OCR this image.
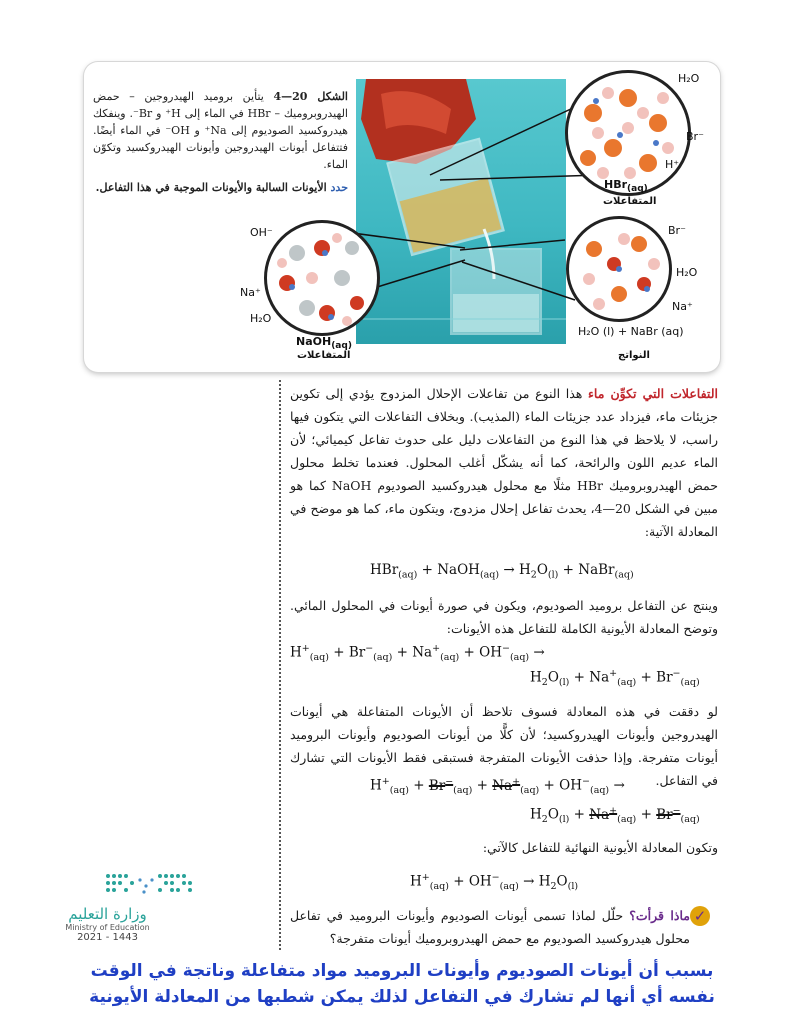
H₂O
Br⁻
H⁺
HBr$_{(aq)}$
المتفاعلات
OH⁻
Na⁺
H₂O
NaOH$_{(aq)}$
المتفاعلات
Br⁻
H₂O
Na⁺
H₂O (l) + NaBr (aq)
النواتج
الشكل 20—4 يتأين بروميد الهيدروجين – حمض الهيدروبروميك – HBr في الماء إلى H⁺ و Br⁻. وينفكك هيدروكسيد الصوديوم إلى Na⁺ و OH⁻ في الماء أيضًا. فتتفاعل أيونات الهيدروجين وأيونات الهيدروكسيد وتكوّن الماء.
حدد الأيونات السالبة والأيونات الموجبة في هذا التفاعل.
التفاعلات التي تكوِّن ماء هذا النوع من تفاعلات الإحلال المزدوج يؤدي إلى تكوين جزيئات ماء، فيزداد عدد جزيئات الماء (المذيب). وبخلاف التفاعلات التي يتكون فيها راسب، لا يلاحظ في هذا النوع من التفاعلات دليل على حدوث تفاعل كيميائي؛ لأن الماء عديم اللون والرائحة، كما أنه يشكّل أغلب المحلول. فعندما تخلط محلول حمض الهيدروبروميك HBr مثلًا مع محلول هيدروكسيد الصوديوم NaOH كما هو مبين في الشكل 20—4، يحدث تفاعل إحلال مزدوج، ويتكون ماء، كما هو موضح في المعادلة الآتية:
HBr$_{(aq)}$ + NaOH$_{(aq)}$ → $H_2O_{(l)}$ + NaBr$_{(aq)}$
وينتج عن التفاعل بروميد الصوديوم، ويكون في صورة أيونات في المحلول المائي. وتوضح المعادلة الأيونية الكاملة للتفاعل هذه الأيونات:
$H^+_{(aq)} + Br^-_{(aq)} + Na^+_{(aq)} + OH^-_{(aq)}$ →
$H_2O_{(l)} + Na^+_{(aq)} + Br^-_{(aq)}$
لو دققت في هذه المعادلة فسوف تلاحظ أن الأيونات المتفاعلة هي أيونات الهيدروجين وأيونات الهيدروكسيد؛ لأن كلًّا من أيونات الصوديوم وأيونات البروميد أيونات متفرجة. وإذا حذفت الأيونات المتفرجة فستبقى فقط الأيونات التي تشارك في التفاعل.
$H^+_{(aq)} + Br^-_{(aq)} + Na^+_{(aq)} + OH^-_{(aq)}$ →
$H_2O_{(l)} + Na^+_{(aq)} + Br^-_{(aq)}$
وتكون المعادلة الأيونية النهائية للتفاعل كالآتي:
$H^+_{(aq)} + OH^-_{(aq)} \to H_2O_{(l)}$
✓
ماذا قرأت؟ حلّل لماذا تسمى أيونات الصوديوم وأيونات البروميد في تفاعل محلول هيدروكسيد الصوديوم مع حمض الهيدروبروميك أيونات متفرجة؟
وزارة التعليم
Ministry of Education
2021 - 1443
بسبب أن أيونات الصوديوم وأيونات البروميد مواد متفاعلة وناتجة في الوقت نفسه أي أنها لم تشارك في التفاعل لذلك يمكن شطبها من المعادلة الأيونية
